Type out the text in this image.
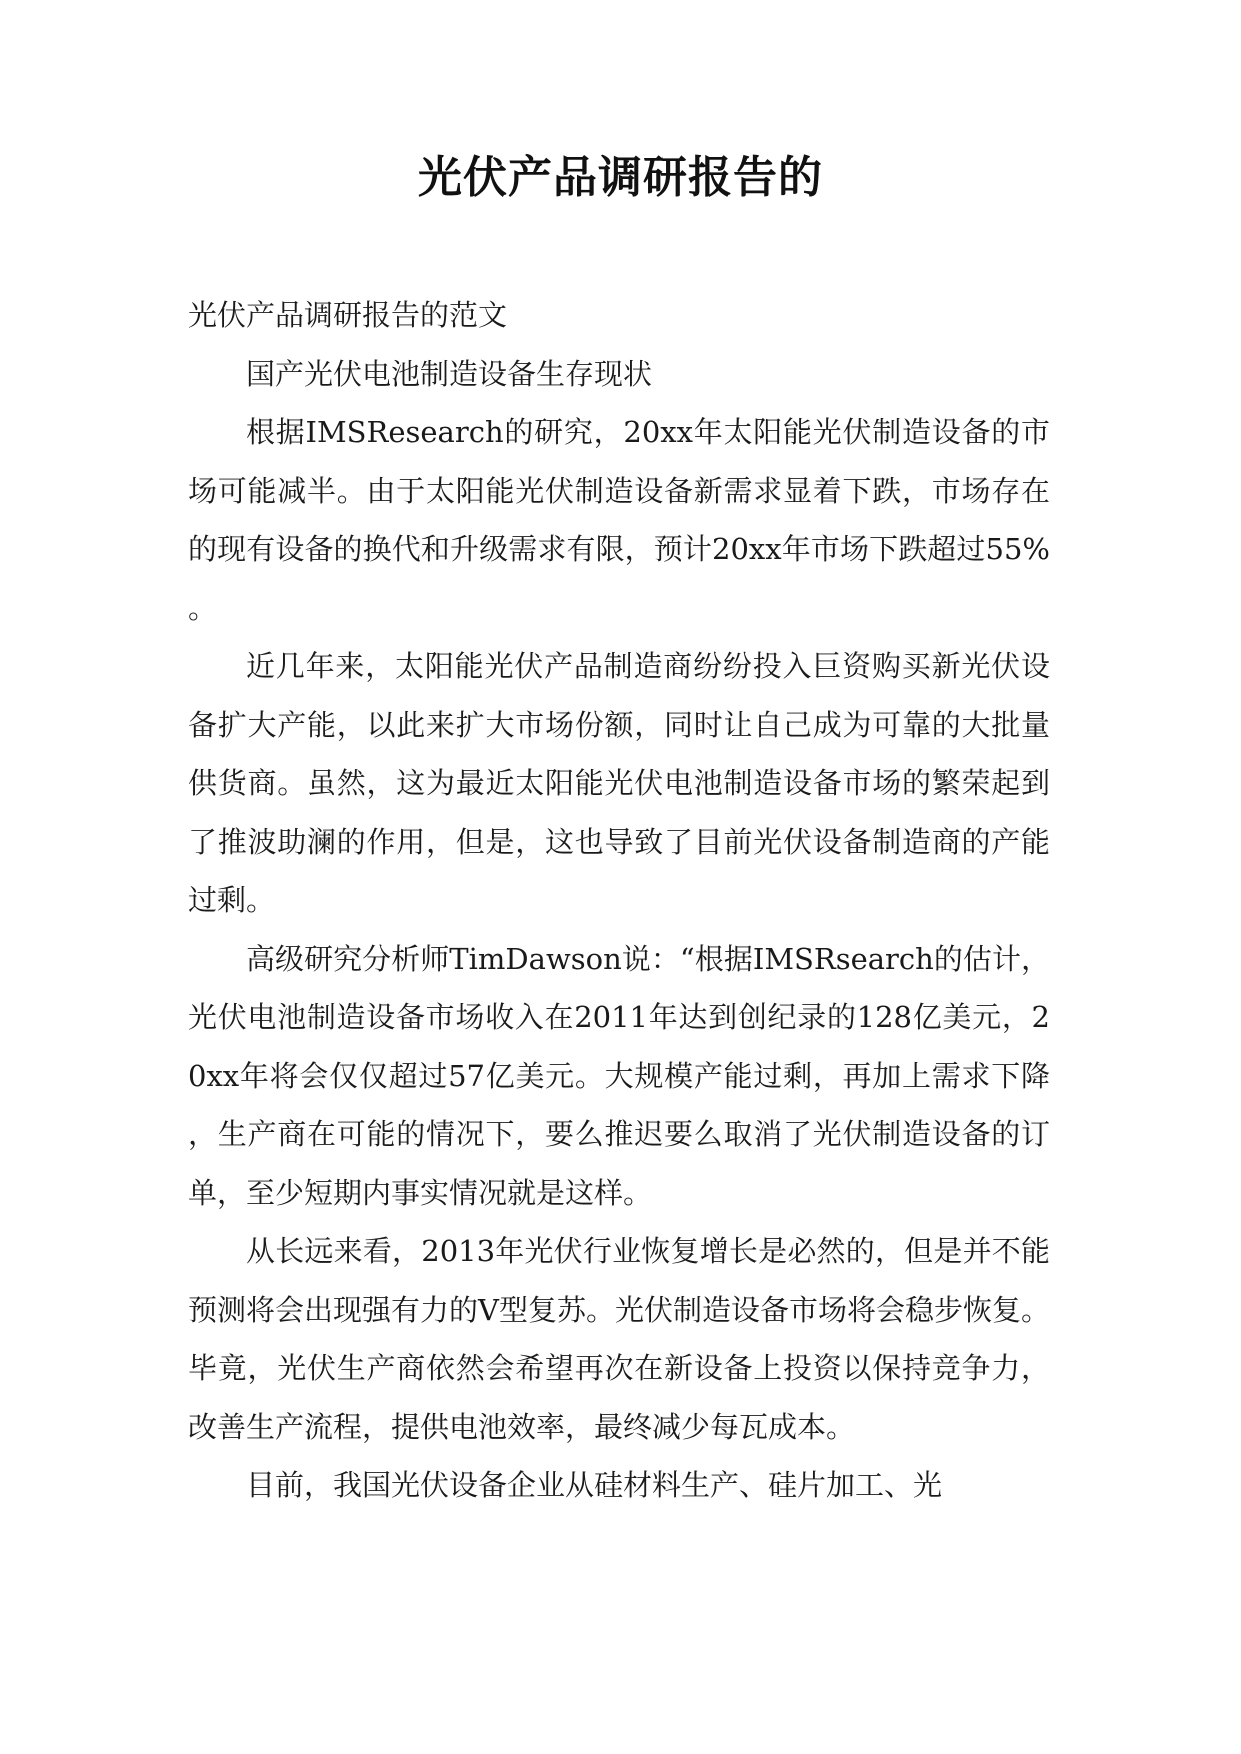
光伏产品调研报告的

光伏产品调研报告的范文

国产光伏电池制造设备生存现状

根据IMSResearch的研究，20xx年太阳能光伏制造设备的市场可能减半。由于太阳能光伏制造设备新需求显着下跌，市场存在的现有设备的换代和升级需求有限，预计20xx年市场下跌超过55%。

近几年来，太阳能光伏产品制造商纷纷投入巨资购买新光伏设备扩大产能，以此来扩大市场份额，同时让自己成为可靠的大批量供货商。虽然，这为最近太阳能光伏电池制造设备市场的繁荣起到了推波助澜的作用，但是，这也导致了目前光伏设备制造商的产能过剩。

高级研究分析师TimDawson说：“根据IMSRsearch的估计，光伏电池制造设备市场收入在2011年达到创纪录的128亿美元，20xx年将会仅仅超过57亿美元。大规模产能过剩，再加上需求下降，生产商在可能的情况下，要么推迟要么取消了光伏制造设备的订单，至少短期内事实情况就是这样。

从长远来看，2013年光伏行业恢复增长是必然的，但是并不能预测将会出现强有力的V型复苏。光伏制造设备市场将会稳步恢复。毕竟，光伏生产商依然会希望再次在新设备上投资以保持竞争力，改善生产流程，提供电池效率，最终减少每瓦成本。

目前，我国光伏设备企业从硅材料生产、硅片加工、光
